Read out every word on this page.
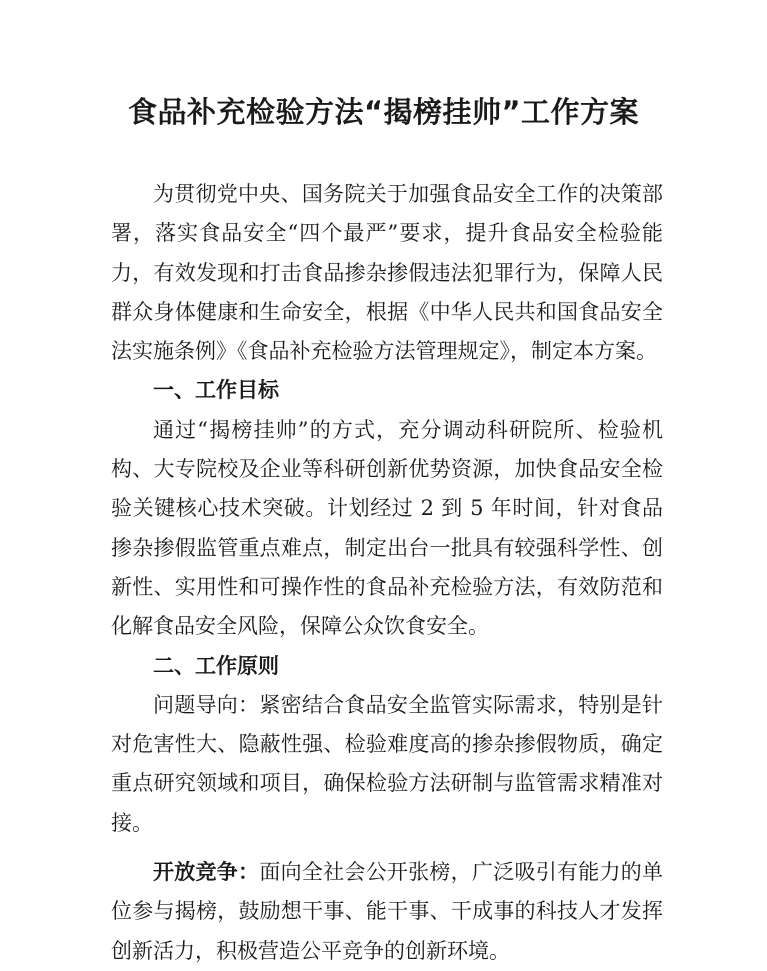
食品补充检验方法“揭榜挂帅”工作方案

为贯彻党中央、国务院关于加强食品安全工作的决策部署，落实食品安全“四个最严”要求，提升食品安全检验能力，有效发现和打击食品掺杂掺假违法犯罪行为，保障人民群众身体健康和生命安全，根据《中华人民共和国食品安全法实施条例》《食品补充检验方法管理规定》，制定本方案。

一、工作目标

通过“揭榜挂帅”的方式，充分调动科研院所、检验机构、大专院校及企业等科研创新优势资源，加快食品安全检验关键核心技术突破。计划经过 2 到 5 年时间，针对食品掺杂掺假监管重点难点，制定出台一批具有较强科学性、创新性、实用性和可操作性的食品补充检验方法，有效防范和化解食品安全风险，保障公众饮食安全。

二、工作原则

问题导向：紧密结合食品安全监管实际需求，特别是针对危害性大、隐蔽性强、检验难度高的掺杂掺假物质，确定重点研究领域和项目，确保检验方法研制与监管需求精准对接。

开放竞争：面向全社会公开张榜，广泛吸引有能力的单位参与揭榜，鼓励想干事、能干事、干成事的科技人才发挥创新活力，积极营造公平竞争的创新环境。
